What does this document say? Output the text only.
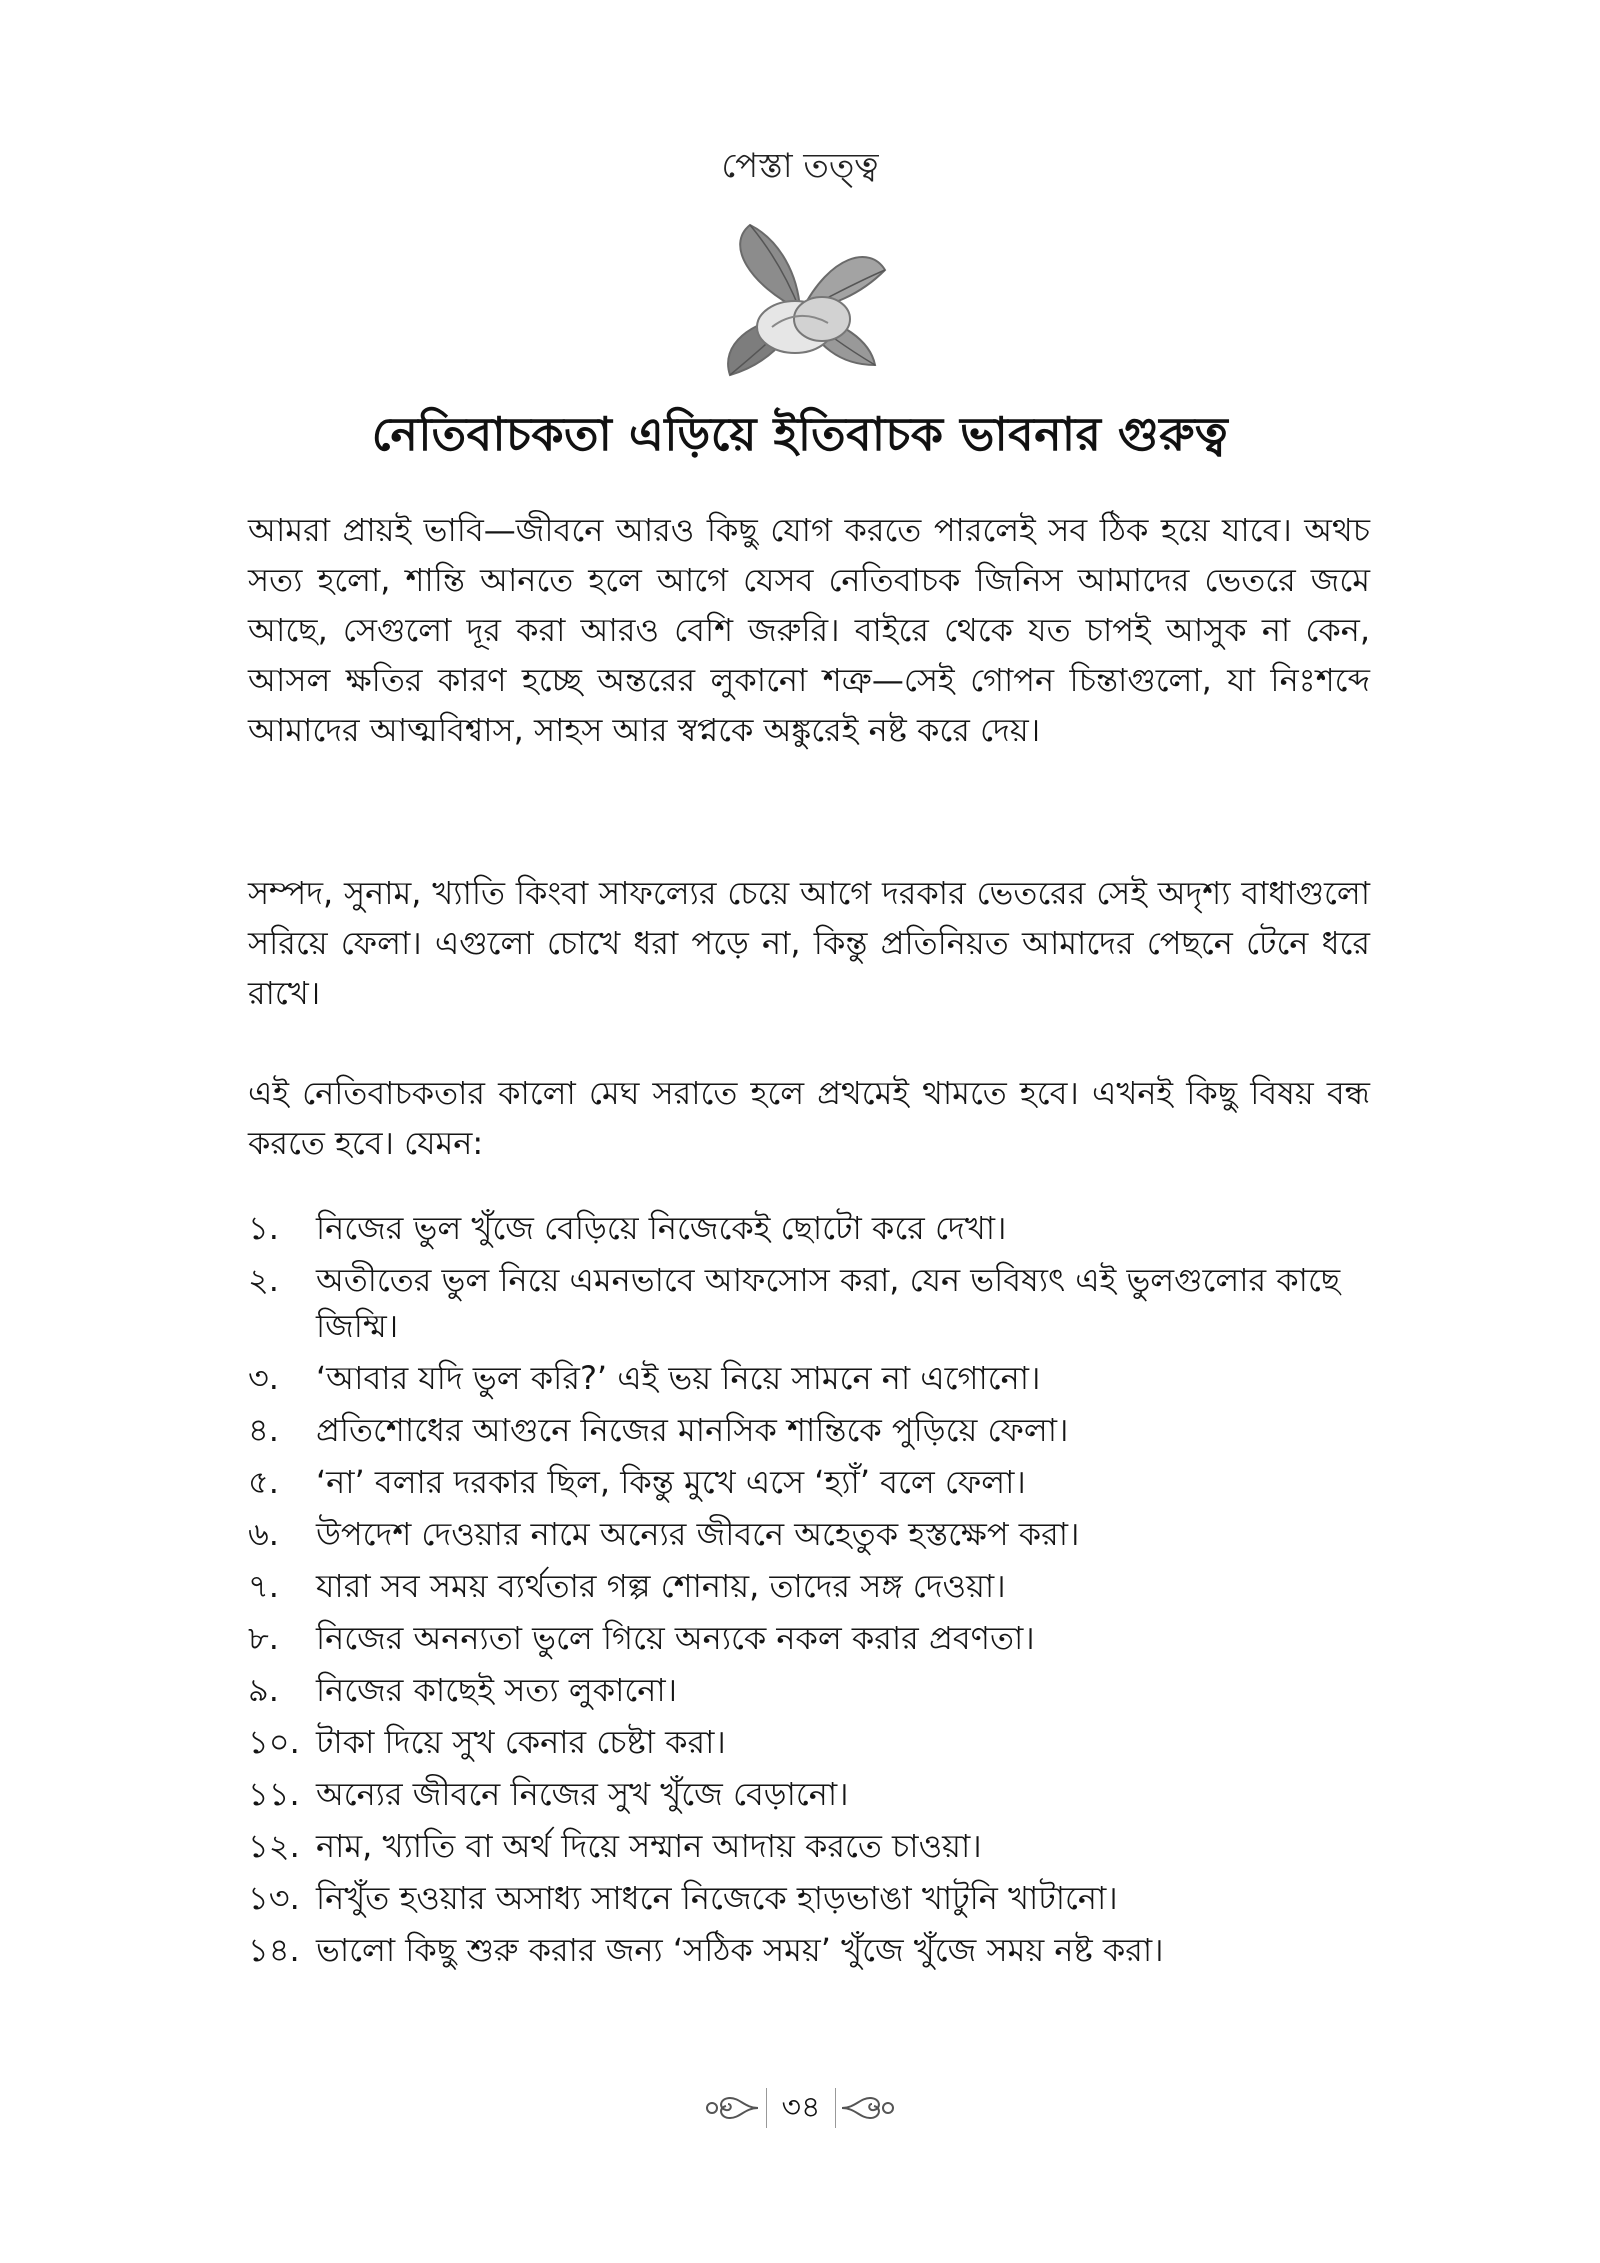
পেস্তা তত্ত্ব
নেতিবাচকতা এড়িয়ে ইতিবাচক ভাবনার গুরুত্ব
আমরা প্রায়ই ভাবি—জীবনে আরও কিছু যোগ করতে পারলেই সব ঠিক হয়ে যাবে। অথচ সত্য হলো, শান্তি আনতে হলে আগে যেসব নেতিবাচক জিনিস আমাদের ভেতরে জমে আছে, সেগুলো দূর করা আরও বেশি জরুরি। বাইরে থেকে যত চাপই আসুক না কেন, আসল ক্ষতির কারণ হচ্ছে অন্তরের লুকানো শত্রু—সেই গোপন চিন্তাগুলো, যা নিঃশব্দে আমাদের আত্মবিশ্বাস, সাহস আর স্বপ্নকে অঙ্কুরেই নষ্ট করে দেয়।
সম্পদ, সুনাম, খ্যাতি কিংবা সাফল্যের চেয়ে আগে দরকার ভেতরের সেই অদৃশ্য বাধাগুলো সরিয়ে ফেলা। এগুলো চোখে ধরা পড়ে না, কিন্তু প্রতিনিয়ত আমাদের পেছনে টেনে ধরে রাখে।
এই নেতিবাচকতার কালো মেঘ সরাতে হলে প্রথমেই থামতে হবে। এখনই কিছু বিষয় বন্ধ করতে হবে। যেমন:
১.	নিজের ভুল খুঁজে বেড়িয়ে নিজেকেই ছোটো করে দেখা।
২.	অতীতের ভুল নিয়ে এমনভাবে আফসোস করা, যেন ভবিষ্যৎ এই ভুলগুলোর কাছে জিম্মি।
৩.	‘আবার যদি ভুল করি?’ এই ভয় নিয়ে সামনে না এগোনো।
৪.	প্রতিশোধের আগুনে নিজের মানসিক শান্তিকে পুড়িয়ে ফেলা।
৫.	‘না’ বলার দরকার ছিল, কিন্তু মুখে এসে ‘হ্যাঁ’ বলে ফেলা।
৬.	উপদেশ দেওয়ার নামে অন্যের জীবনে অহেতুক হস্তক্ষেপ করা।
৭.	যারা সব সময় ব্যর্থতার গল্প শোনায়, তাদের সঙ্গ দেওয়া।
৮.	নিজের অনন্যতা ভুলে গিয়ে অন্যকে নকল করার প্রবণতা।
৯.	নিজের কাছেই সত্য লুকানো।
১০. টাকা দিয়ে সুখ কেনার চেষ্টা করা।
১১. অন্যের জীবনে নিজের সুখ খুঁজে বেড়ানো।
১২. নাম, খ্যাতি বা অর্থ দিয়ে সম্মান আদায় করতে চাওয়া।
১৩. নিখুঁত হওয়ার অসাধ্য সাধনে নিজেকে হাড়ভাঙা খাটুনি খাটানো।
১৪. ভালো কিছু শুরু করার জন্য ‘সঠিক সময়’ খুঁজে খুঁজে সময় নষ্ট করা।
৩৪
